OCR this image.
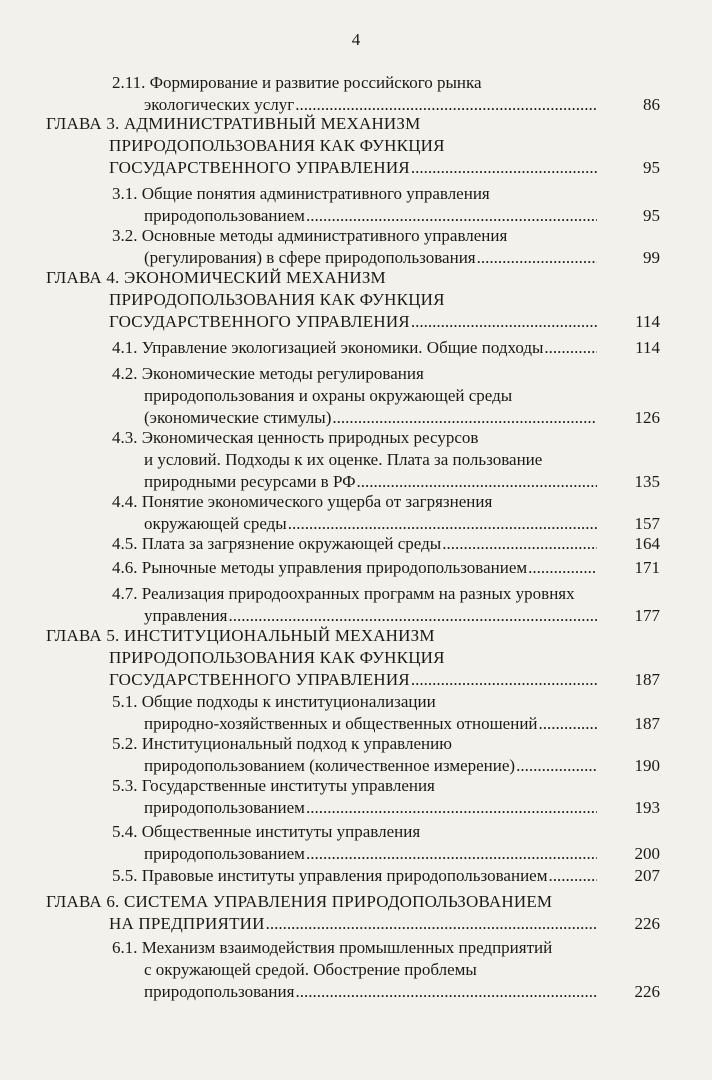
4
2.11. Формирование и развитие российского рынка
экологических услуг .....	86
ГЛАВА 3. АДМИНИСТРАТИВНЫЙ МЕХАНИЗМ
ПРИРОДОПОЛЬЗОВАНИЯ КАК ФУНКЦИЯ
ГОСУДАРСТВЕННОГО УПРАВЛЕНИЯ .....	95
3.1. Общие понятия административного управления
природопользованием .....	95
3.2. Основные методы административного управления
(регулирования) в сфере природопользования .....	99
ГЛАВА 4. ЭКОНОМИЧЕСКИЙ МЕХАНИЗМ
ПРИРОДОПОЛЬЗОВАНИЯ КАК ФУНКЦИЯ
ГОСУДАРСТВЕННОГО УПРАВЛЕНИЯ .....	114
4.1. Управление экологизацией экономики. Общие подходы .....	114
4.2. Экономические методы регулирования
природопользования и охраны окружающей среды
(экономические стимулы) .....	126
4.3. Экономическая ценность природных ресурсов
и условий. Подходы к их оценке. Плата за пользование
природными ресурсами в РФ .....	135
4.4. Понятие экономического ущерба от загрязнения
окружающей среды .....	157
4.5. Плата за загрязнение окружающей среды .....	164
4.6. Рыночные методы управления природопользованием .....	171
4.7. Реализация природоохранных программ на разных уровнях
управления .....	177
ГЛАВА 5. ИНСТИТУЦИОНАЛЬНЫЙ МЕХАНИЗМ
ПРИРОДОПОЛЬЗОВАНИЯ КАК ФУНКЦИЯ
ГОСУДАРСТВЕННОГО УПРАВЛЕНИЯ .....	187
5.1. Общие подходы к институционализации
природно-хозяйственных и общественных отношений .....	187
5.2. Институциональный подход к управлению
природопользованием (количественное измерение) .....	190
5.3. Государственные институты управления
природопользованием .....	193
5.4. Общественные институты управления
природопользованием .....	200
5.5. Правовые институты управления природопользованием .....	207
ГЛАВА 6. СИСТЕМА УПРАВЛЕНИЯ ПРИРОДОПОЛЬЗОВАНИЕМ
НА ПРЕДПРИЯТИИ .....	226
6.1. Механизм взаимодействия промышленных предприятий
с окружающей средой. Обострение проблемы
природопользования .....	226
